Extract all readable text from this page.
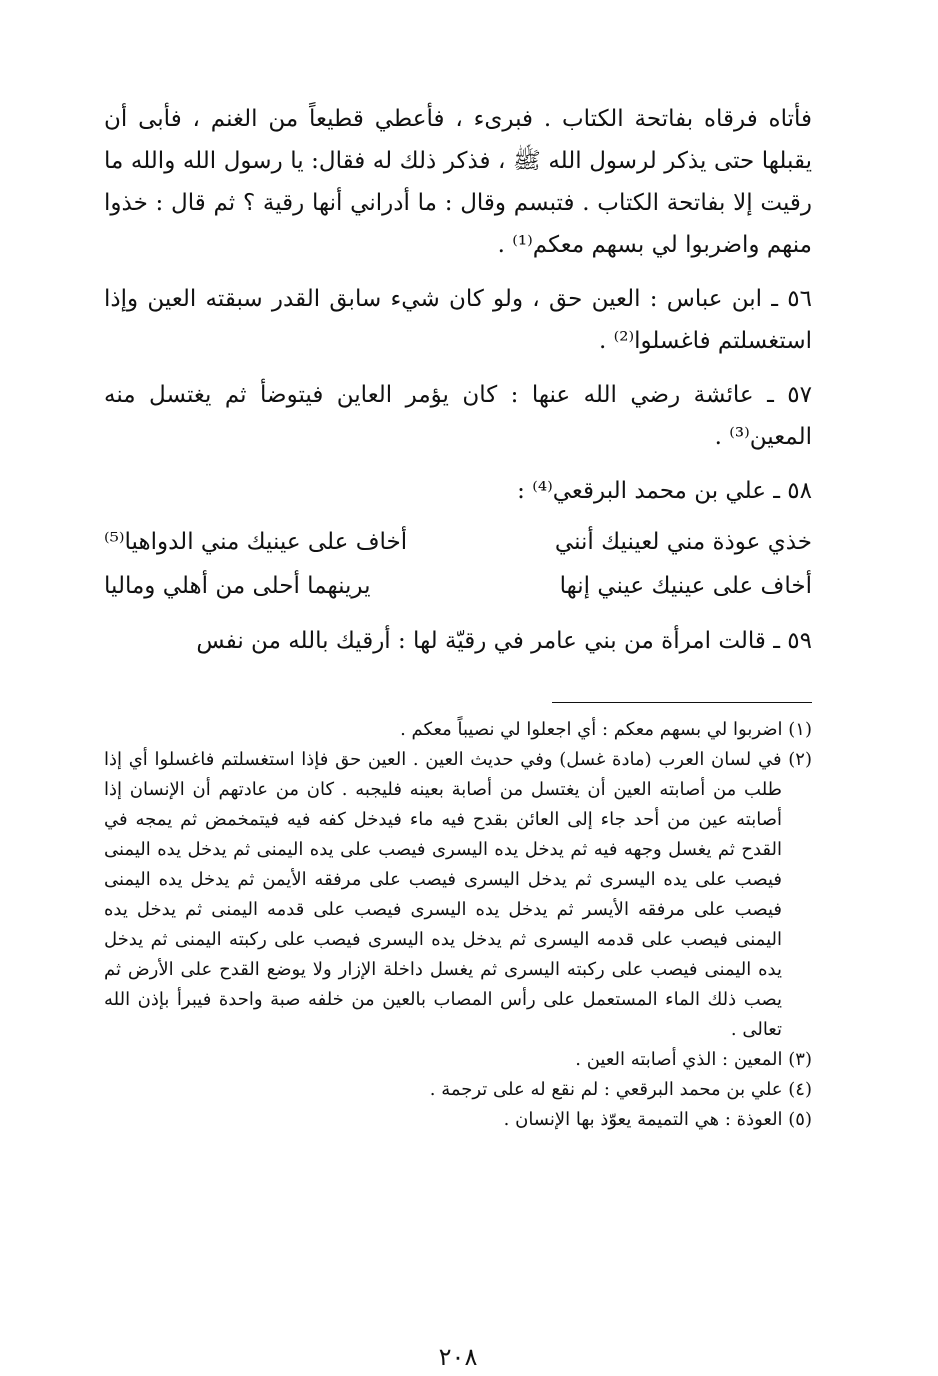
فأتاه فرقاه بفاتحة الكتاب . فبرىء ، فأعطي قطيعاً من الغنم ، فأبى أن يقبلها حتى يذكر لرسول الله ﷺ ، فذكر ذلك له فقال: يا رسول الله والله ما رقيت إلا بفاتحة الكتاب . فتبسم وقال : ما أدراني أنها رقية ؟ ثم قال : خذوا منهم واضربوا لي بسهم معكم⁽¹⁾ .

٥٦ ـ ابن عباس : العين حق ، ولو كان شيء سابق القدر سبقته العين وإذا استغسلتم فاغسلوا⁽²⁾ .

٥٧ ـ عائشة رضي الله عنها : كان يؤمر العاين فيتوضأ ثم يغتسل منه المعين⁽³⁾ .

٥٨ ـ علي بن محمد البرقعي⁽⁴⁾ :

خذي عوذة مني لعينيك أنني
أخاف على عينيك مني الدواهيا⁽⁵⁾
أخاف على عينيك عيني إنها
يرينهما أحلى من أهلي وماليا

٥٩ ـ قالت امرأة من بني عامر في رقيّة لها : أرقيك بالله من نفس

(١) اضربوا لي بسهم معكم : أي اجعلوا لي نصيباً معكم .

(٢) في لسان العرب (مادة غسل) وفي حديث العين . العين حق فإذا استغسلتم فاغسلوا أي إذا طلب من أصابته العين أن يغتسل من أصابة بعينه فليجبه . كان من عادتهم أن الإنسان إذا أصابته عين من أحد جاء إلى العائن بقدح فيه ماء فيدخل كفه فيه فيتمخمض ثم يمجه في القدح ثم يغسل وجهه فيه ثم يدخل يده اليسرى فيصب على يده اليمنى ثم يدخل يده اليمنى فيصب على يده اليسرى ثم يدخل اليسرى فيصب على مرفقه الأيمن ثم يدخل يده اليمنى فيصب على مرفقه الأيسر ثم يدخل يده اليسرى فيصب على قدمه اليمنى ثم يدخل يده اليمنى فيصب على قدمه اليسرى ثم يدخل يده اليسرى فيصب على ركبته اليمنى ثم يدخل يده اليمنى فيصب على ركبته اليسرى ثم يغسل داخلة الإزار ولا يوضع القدح على الأرض ثم يصب ذلك الماء المستعمل على رأس المصاب بالعين من خلفه صبة واحدة فيبرأ بإذن الله تعالى .

(٣) المعين : الذي أصابته العين .

(٤) علي بن محمد البرقعي : لم نقع له على ترجمة .

(٥) العوذة : هي التميمة يعوّذ بها الإنسان .

٢٠٨
